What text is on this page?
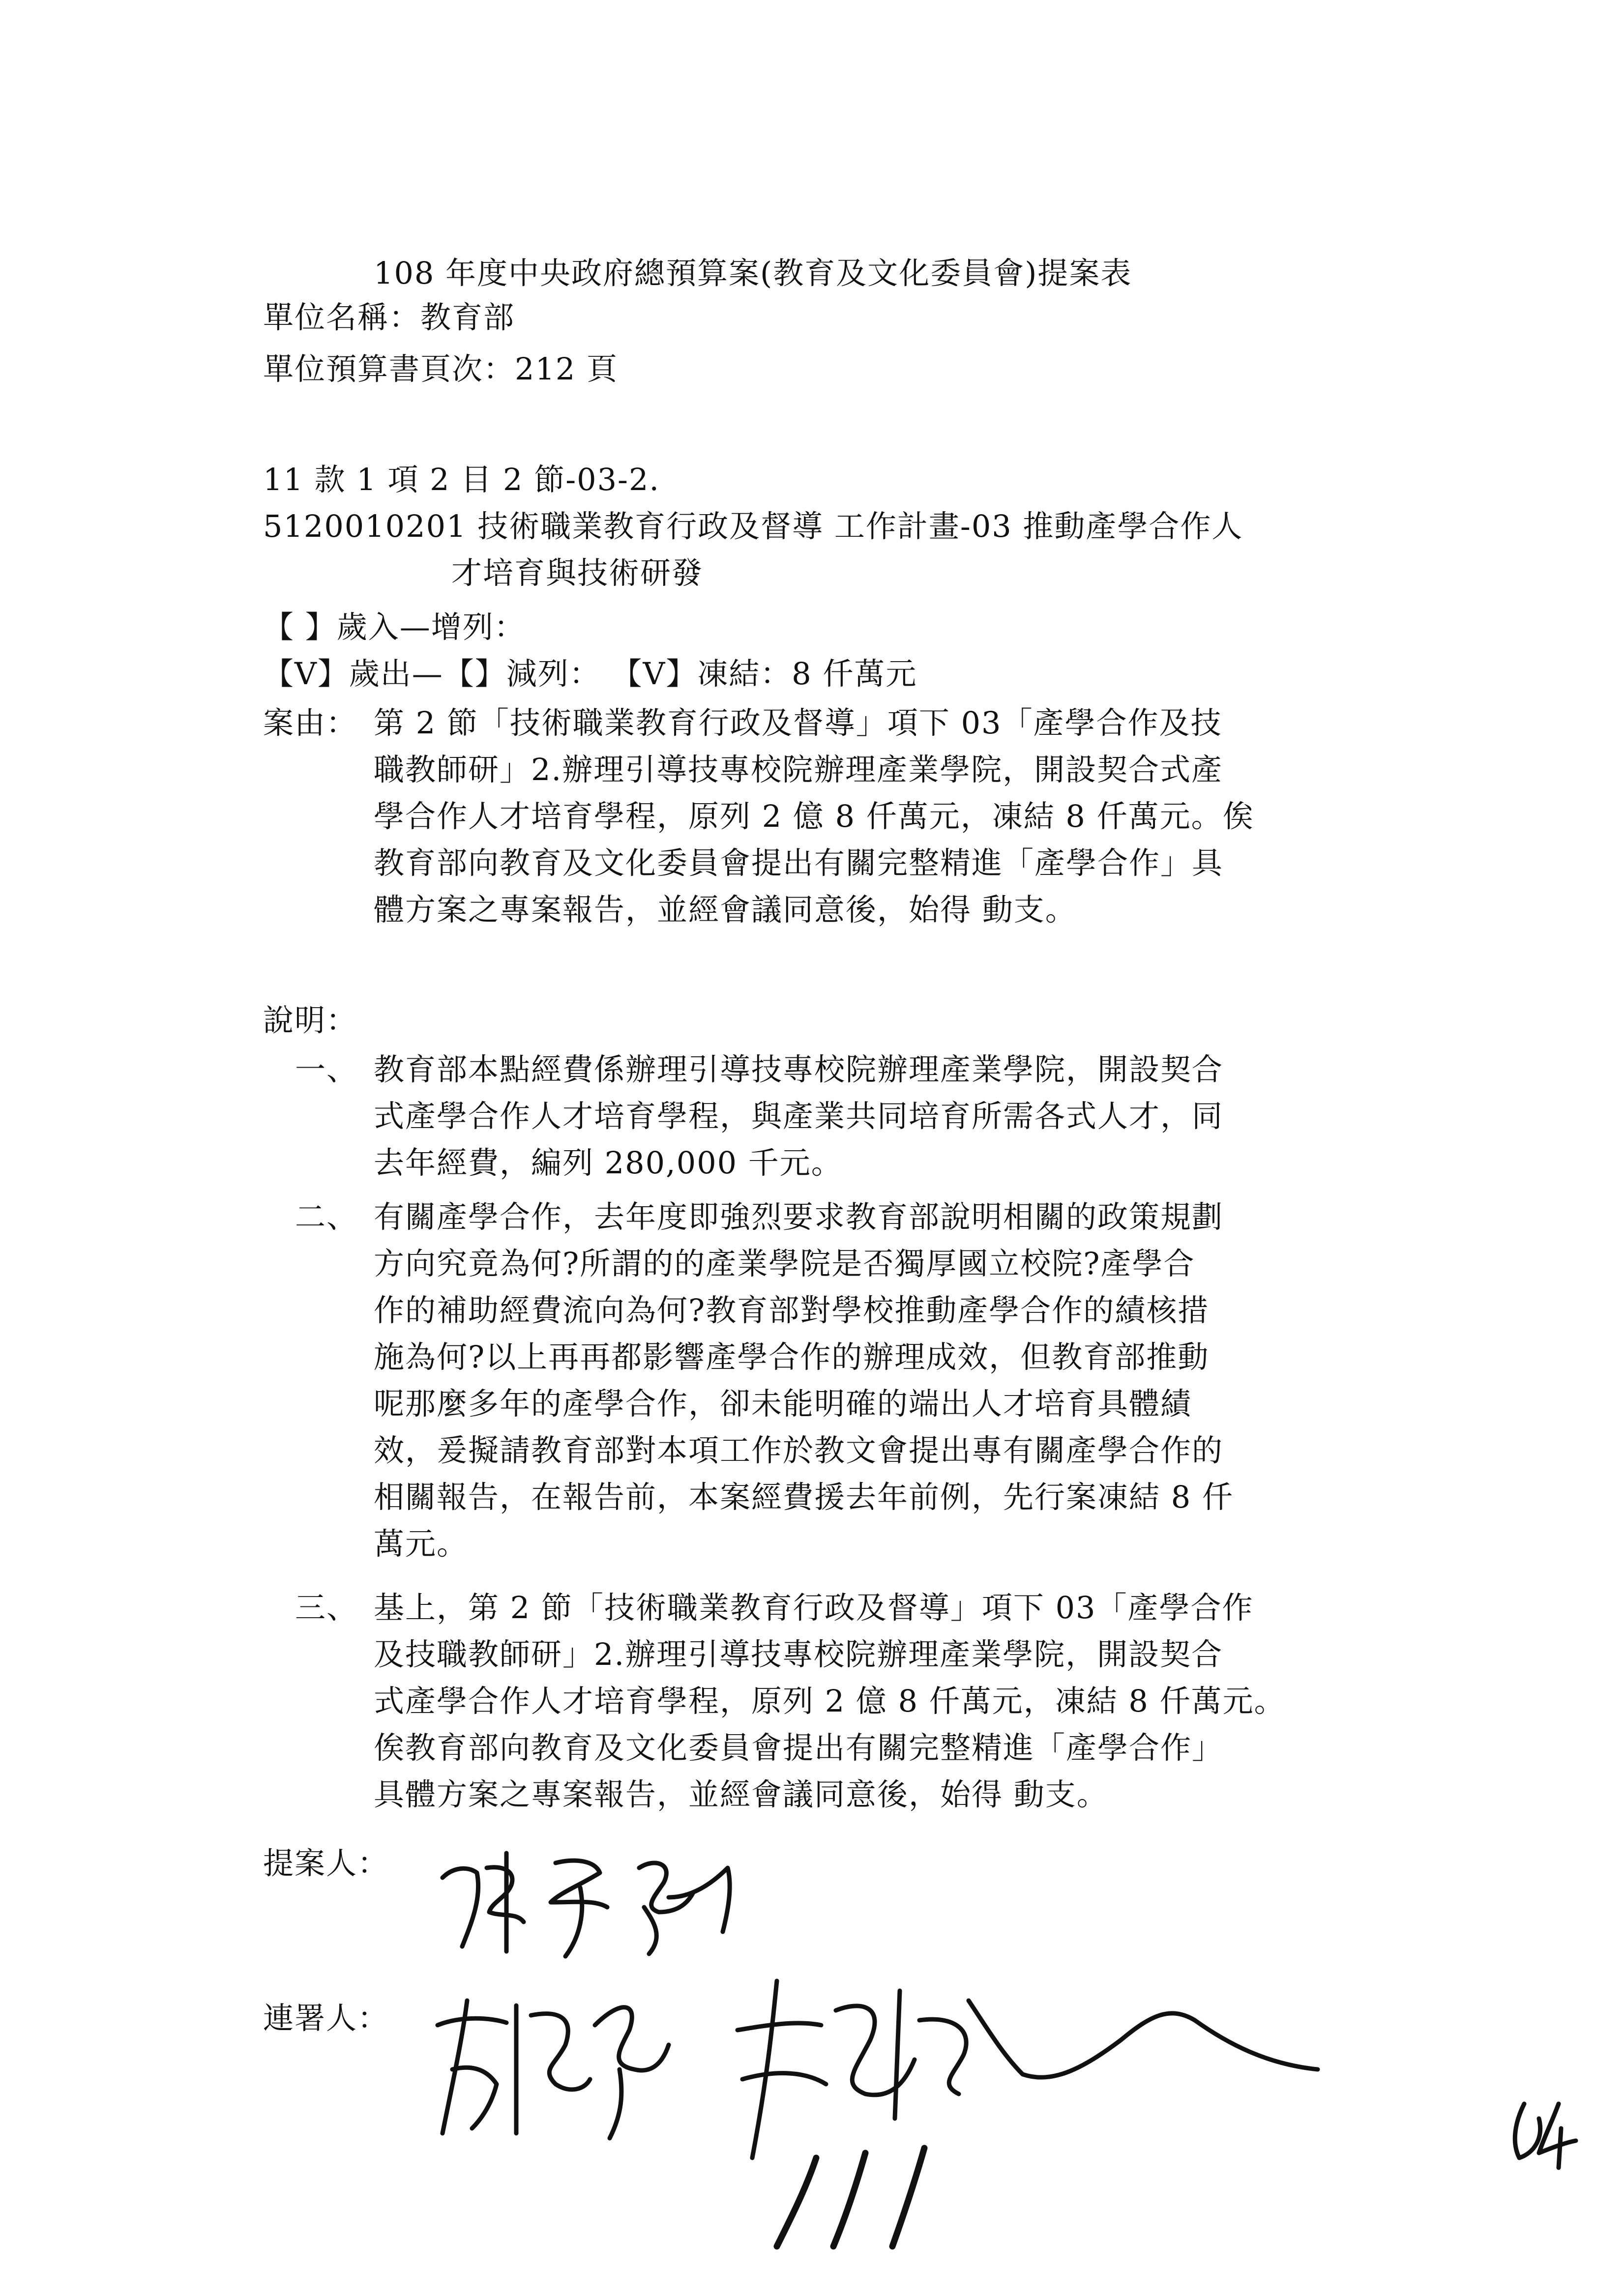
108 年度中央政府總預算案(教育及文化委員會)提案表
單位名稱：教育部
單位預算書頁次：212 頁
11 款 1 項 2 目 2 節-03-2.
5120010201 技術職業教育行政及督導 工作計畫-03 推動產學合作人
才培育與技術研發
【 】歲入—增列：
【V】歲出—【】減列： 【V】凍結：8 仟萬元
案由： 第 2 節「技術職業教育行政及督導」項下 03「產學合作及技
職教師研」2.辦理引導技專校院辦理產業學院，開設契合式產
學合作人才培育學程，原列 2 億 8 仟萬元，凍結 8 仟萬元。俟
教育部向教育及文化委員會提出有關完整精進「產學合作」具
體方案之專案報告，並經會議同意後，始得 動支。
說明：
一、 教育部本點經費係辦理引導技專校院辦理產業學院，開設契合
式產學合作人才培育學程，與產業共同培育所需各式人才，同
去年經費，編列 280,000 千元。
二、 有關產學合作，去年度即強烈要求教育部說明相關的政策規劃
方向究竟為何?所謂的的產業學院是否獨厚國立校院?產學合
作的補助經費流向為何?教育部對學校推動產學合作的績核措
施為何?以上再再都影響產學合作的辦理成效，但教育部推動
呢那麼多年的產學合作，卻未能明確的端出人才培育具體績
效，爰擬請教育部對本項工作於教文會提出專有關產學合作的
相關報告，在報告前，本案經費援去年前例，先行案凍結 8 仟
萬元。
三、 基上，第 2 節「技術職業教育行政及督導」項下 03「產學合作
及技職教師研」2.辦理引導技專校院辦理產業學院，開設契合
式產學合作人才培育學程，原列 2 億 8 仟萬元，凍結 8 仟萬元。
俟教育部向教育及文化委員會提出有關完整精進「產學合作」
具體方案之專案報告，並經會議同意後，始得 動支。
提案人：
連署人：
